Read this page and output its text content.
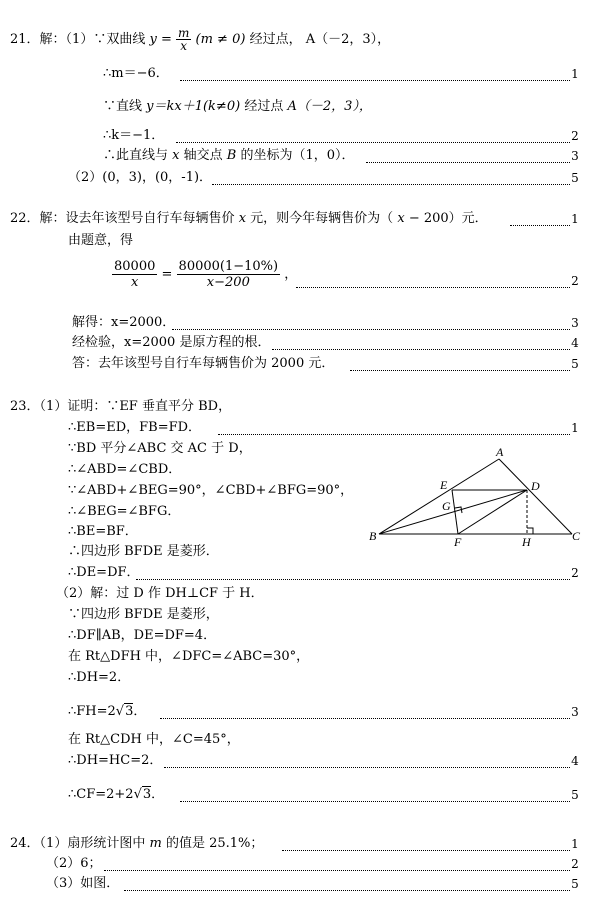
21．解：（1）∵双曲线 $y = \frac{m}{x} (m \ne 0)$ 经过点， A（－2，3），
∴m＝−6．	1
∵直线 y＝kx＋1(k≠0) 经过点 A（－2，3），
∴k＝−1．	2
∴此直线与 x 轴交点 B 的坐标为（1，0）．	3
（2）(0，3)，(0，-1)．	5
22．解：设去年该型号自行车每辆售价 x 元，则今年每辆售价为（ x − 200）元．	1
由题意，得
$\frac{80000}{x} = \frac{80000(1-10\%)}{x-200}$ ，	2
解得：x=2000．	3
经检验，x=2000 是原方程的根．	4
答：去年该型号自行车每辆售价为 2000 元．	5
23．（1）证明：∵EF 垂直平分 BD，
∴EB=ED，FB=FD．	1
∵BD 平分∠ABC 交 AC 于 D，
∴∠ABD=∠CBD．
∵∠ABD+∠BEG=90°，∠CBD+∠BFG=90°，
∴∠BEG=∠BFG．
∴BE=BF．
∴四边形 BFDE 是菱形．
∴DE=DF．	2
（2）解：过 D 作 DH⊥CF 于 H．
∵四边形 BFDE 是菱形，
∴DF∥AB，DE=DF=4．
在 Rt△DFH 中，∠DFC=∠ABC=30°，
∴DH=2．
∴FH=2√3．	3
在 Rt△CDH 中，∠C=45°，
∴DH=HC=2．	4
∴CF=2+2√3．	5
A
B	C
D
E
F
G
H
24．（1）扇形统计图中 m 的值是 25.1%；	1
（2）6；	2
（3）如图．	5
